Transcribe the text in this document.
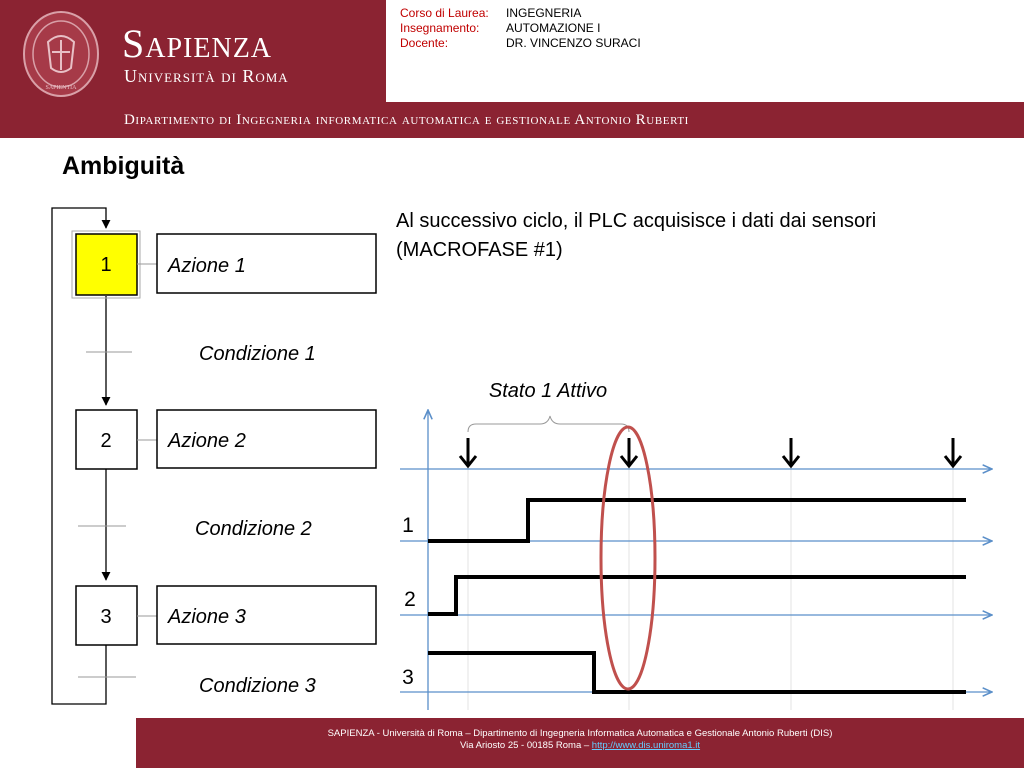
SAPIENTIA
Sapienza
Università di Roma
Dipartimento di Ingegneria informatica automatica e gestionale Antonio Ruberti
Corso di Laurea:	INGEGNERIA
Insegnamento:	AUTOMAZIONE I
Docente:	DR. VINCENZO SURACI
Ambiguità
Al successivo ciclo, il PLC acquisisce i dati dai sensori (MACROFASE #1)
1	Azione 1
2	Azione 2
3	Azione 3
Condizione 1
Condizione 2
Condizione 3
Stato 1 Attivo
1
2
3
SAPIENZA - Università di Roma – Dipartimento di Ingegneria Informatica Automatica e Gestionale Antonio Ruberti (DIS)
Via Ariosto 25 - 00185 Roma – http://www.dis.uniroma1.it
